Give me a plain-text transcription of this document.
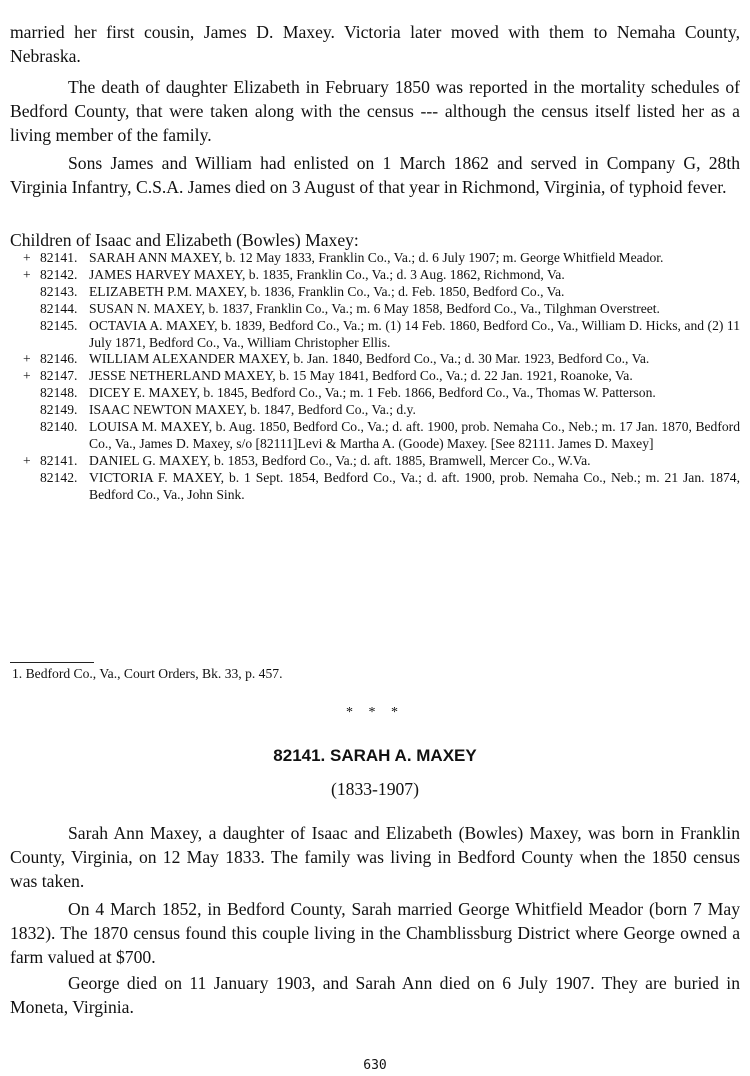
married her first cousin, James D. Maxey. Victoria later moved with them to Nemaha County, Nebraska.

The death of daughter Elizabeth in February 1850 was reported in the mortality schedules of Bedford County, that were taken along with the census --- although the census itself listed her as a living member of the family.

Sons James and William had enlisted on 1 March 1862 and served in Company G, 28th Virginia Infantry, C.S.A. James died on 3 August of that year in Richmond, Virginia, of typhoid fever.

Children of Isaac and Elizabeth (Bowles) Maxey:

+ 82141. SARAH ANN MAXEY, b. 12 May 1833, Franklin Co., Va.; d. 6 July 1907; m. George Whitfield Meador.
+ 82142. JAMES HARVEY MAXEY, b. 1835, Franklin Co., Va.; d. 3 Aug. 1862, Richmond, Va.
82143. ELIZABETH P.M. MAXEY, b. 1836, Franklin Co., Va.; d. Feb. 1850, Bedford Co., Va.
82144. SUSAN N. MAXEY, b. 1837, Franklin Co., Va.; m. 6 May 1858, Bedford Co., Va., Tilghman Overstreet.
82145. OCTAVIA A. MAXEY, b. 1839, Bedford Co., Va.; m. (1) 14 Feb. 1860, Bedford Co., Va., William D. Hicks, and (2) 11 July 1871, Bedford Co., Va., William Christopher Ellis.
+ 82146. WILLIAM ALEXANDER MAXEY, b. Jan. 1840, Bedford Co., Va.; d. 30 Mar. 1923, Bedford Co., Va.
+ 82147. JESSE NETHERLAND MAXEY, b. 15 May 1841, Bedford Co., Va.; d. 22 Jan. 1921, Roanoke, Va.
82148. DICEY E. MAXEY, b. 1845, Bedford Co., Va.; m. 1 Feb. 1866, Bedford Co., Va., Thomas W. Patterson.
82149. ISAAC NEWTON MAXEY, b. 1847, Bedford Co., Va.; d.y.
82140. LOUISA M. MAXEY, b. Aug. 1850, Bedford Co., Va.; d. aft. 1900, prob. Nemaha Co., Neb.; m. 17 Jan. 1870, Bedford Co., Va., James D. Maxey, s/o [82111]Levi & Martha A. (Goode) Maxey. [See 82111. James D. Maxey]
+ 82141. DANIEL G. MAXEY, b. 1853, Bedford Co., Va.; d. aft. 1885, Bramwell, Mercer Co., W.Va.
82142. VICTORIA F. MAXEY, b. 1 Sept. 1854, Bedford Co., Va.; d. aft. 1900, prob. Nemaha Co., Neb.; m. 21 Jan. 1874, Bedford Co., Va., John Sink.
1. Bedford Co., Va., Court Orders, Bk. 33, p. 457.
* * *
82141. SARAH A. MAXEY
(1833-1907)

Sarah Ann Maxey, a daughter of Isaac and Elizabeth (Bowles) Maxey, was born in Franklin County, Virginia, on 12 May 1833. The family was living in Bedford County when the 1850 census was taken.

On 4 March 1852, in Bedford County, Sarah married George Whitfield Meador (born 7 May 1832). The 1870 census found this couple living in the Chamblissburg District where George owned a farm valued at $700.

George died on 11 January 1903, and Sarah Ann died on 6 July 1907. They are buried in Moneta, Virginia.

630
